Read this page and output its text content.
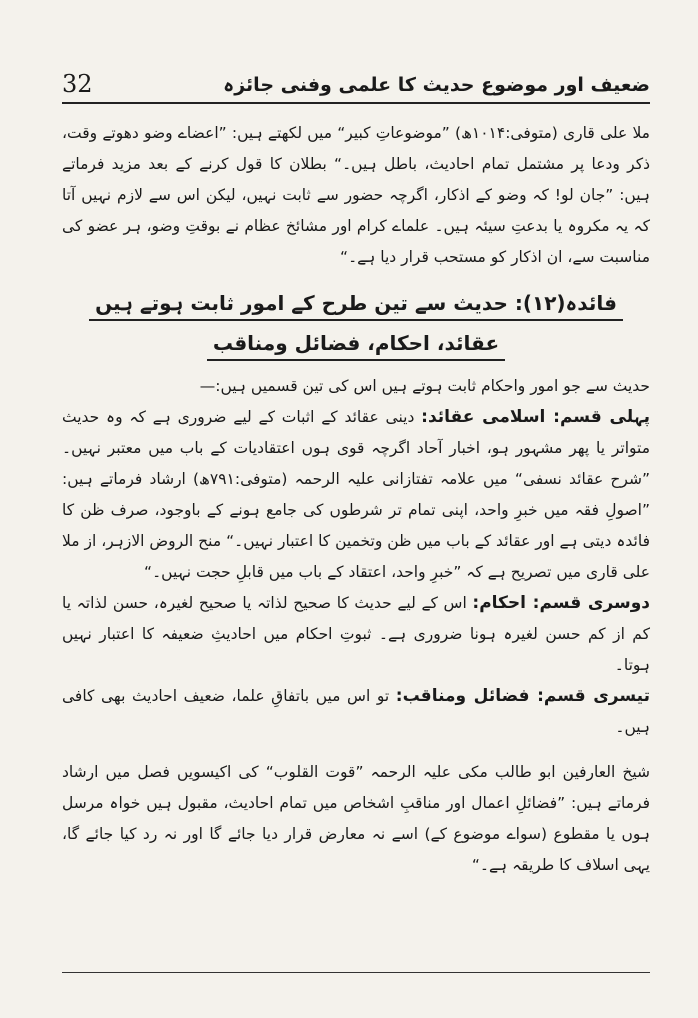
32	ضعیف اور موضوع حدیث کا علمی وفنی جائزہ

ملا علی قاری (متوفی:۱۰۱۴ھ) ”موضوعاتِ کبیر“ میں لکھتے ہیں: ”اعضاے وضو دھوتے وقت، ذکر ودعا پر مشتمل تمام احادیث، باطل ہیں۔“ بطلان کا قول کرنے کے بعد مزید فرماتے ہیں: ”جان لو! کہ وضو کے اذکار، اگرچہ حضور سے ثابت نہیں، لیکن اس سے لازم نہیں آتا کہ یہ مکروہ یا بدعتِ سیئہ ہیں۔ علماے کرام اور مشائخ عظام نے بوقتِ وضو، ہر عضو کی مناسبت سے، ان اذکار کو مستحب قرار دیا ہے۔“

فائدہ(۱۲): حدیث سے تین طرح کے امور ثابت ہوتے ہیں
عقائد، احکام، فضائل ومناقب

حدیث سے جو امور واحکام ثابت ہوتے ہیں اس کی تین قسمیں ہیں:—

پہلی قسم: اسلامی عقائد: دینی عقائد کے اثبات کے لیے ضروری ہے کہ وہ حدیث متواتر یا پھر مشہور ہو، اخبار آحاد اگرچہ قوی ہوں اعتقادیات کے باب میں معتبر نہیں۔ ”شرح عقائد نسفی“ میں علامہ تفتازانی علیہ الرحمہ (متوفی:۷۹۱ھ) ارشاد فرماتے ہیں: ”اصولِ فقہ میں خبرِ واحد، اپنی تمام تر شرطوں کی جامع ہونے کے باوجود، صرف ظن کا فائدہ دیتی ہے اور عقائد کے باب میں ظن وتخمین کا اعتبار نہیں۔“ منح الروض الازہر، از ملا علی قاری میں تصریح ہے کہ ”خبرِ واحد، اعتقاد کے باب میں قابلِ حجت نہیں۔“

دوسری قسم: احکام: اس کے لیے حدیث کا صحیح لذاتہ یا صحیح لغیرہ، حسن لذاتہ یا کم از کم حسن لغیرہ ہونا ضروری ہے۔ ثبوتِ احکام میں احادیثِ ضعیفہ کا اعتبار نہیں ہوتا۔

تیسری قسم: فضائل ومناقب: تو اس میں باتفاقِ علما، ضعیف احادیث بھی کافی ہیں۔

شیخ العارفین ابو طالب مکی علیہ الرحمہ ”قوت القلوب“ کی اکیسویں فصل میں ارشاد فرماتے ہیں: ”فضائلِ اعمال اور مناقبِ اشخاص میں تمام احادیث، مقبول ہیں خواہ مرسل ہوں یا مقطوع (سواے موضوع کے) اسے نہ معارض قرار دیا جائے گا اور نہ رد کیا جائے گا، یہی اسلاف کا طریقہ ہے۔“
